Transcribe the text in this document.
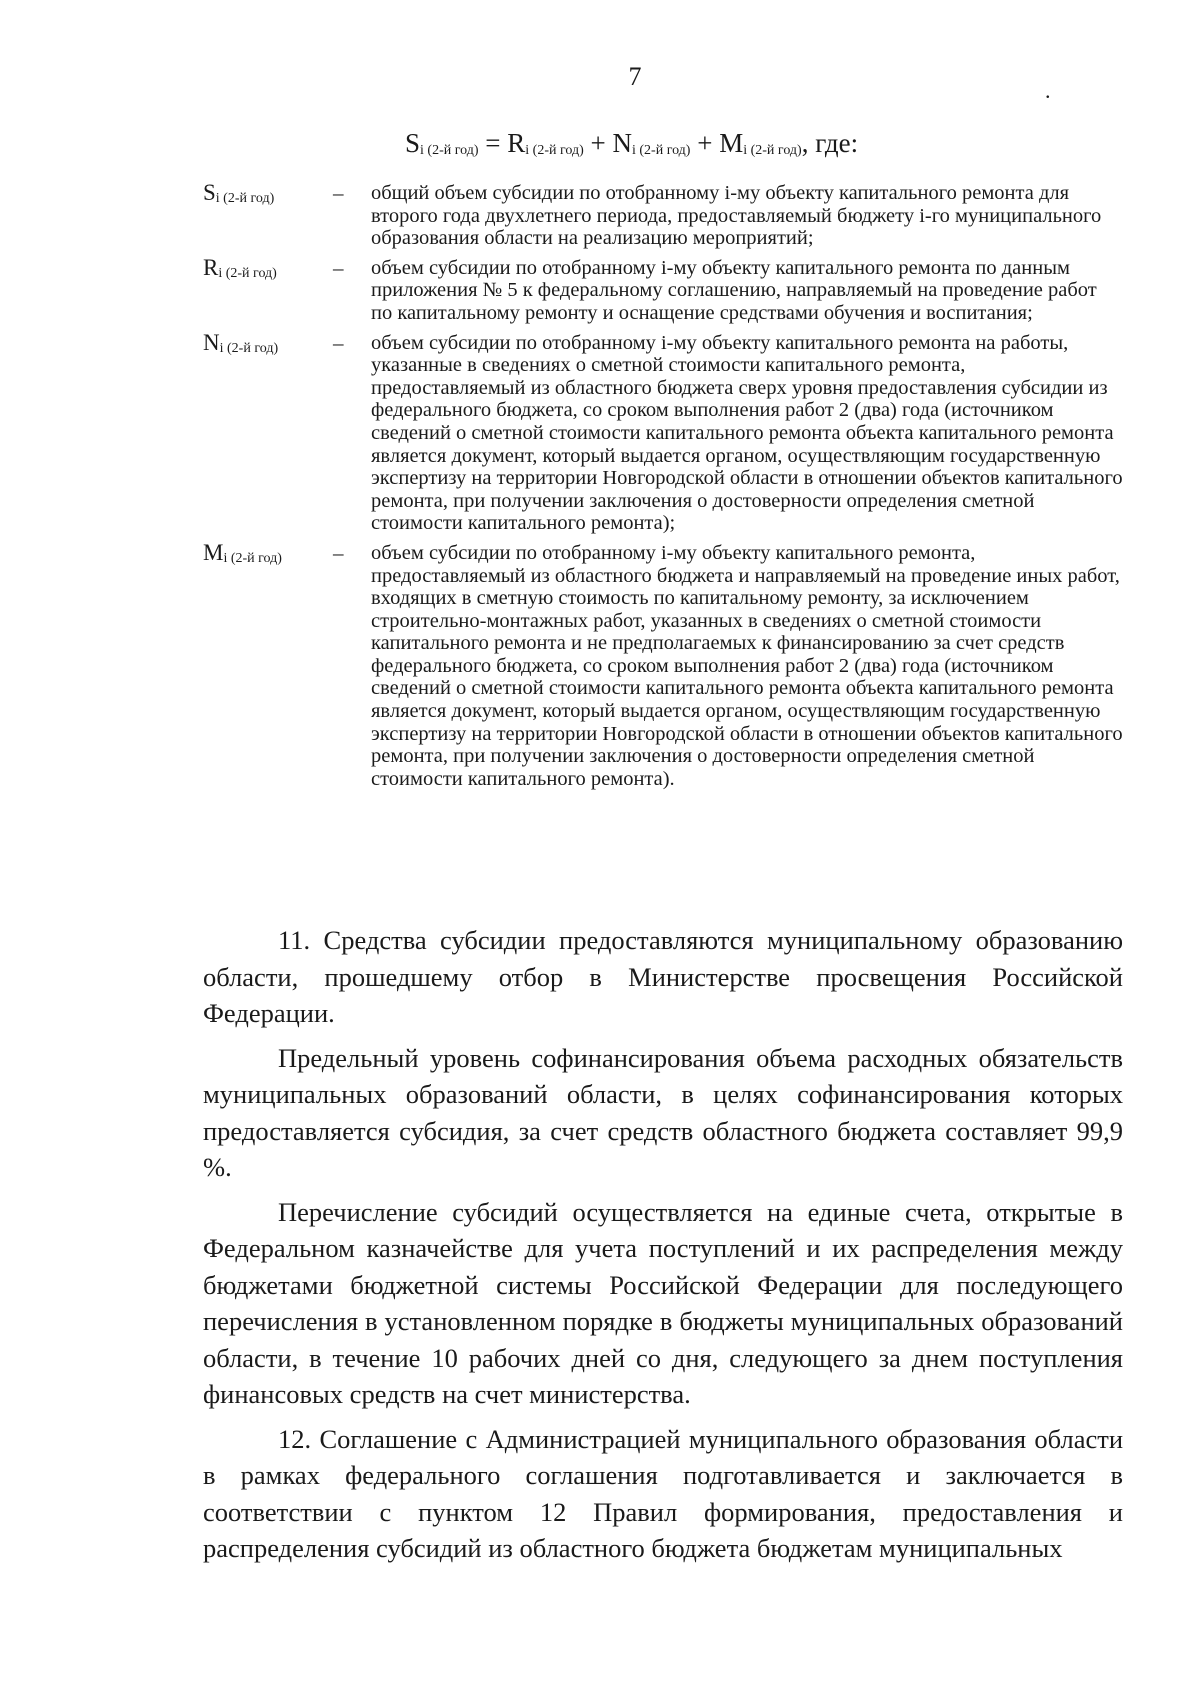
7	.
$S_{i (2-й год)} = R_{i (2-й год)} + N_{i (2-й год)} + M_{i (2-й год)}$, где:
$S_{i (2-й год)}$	–	общий объем субсидии по отобранному i-му объекту капитального ремонта для второго года двухлетнего периода, предоставляемый бюджету i-го муниципального образования области на реализацию мероприятий;
$R_{i (2-й год)}$	–	объем субсидии по отобранному i-му объекту капитального ремонта по данным приложения № 5 к федеральному соглашению, направляемый на проведение работ по капитальному ремонту и оснащение средствами обучения и воспитания;
$N_{i (2-й год)}$	–	объем субсидии по отобранному i-му объекту капитального ремонта на работы, указанные в сведениях о сметной стоимости капитального ремонта, предоставляемый из областного бюджета сверх уровня предоставления субсидии из федерального бюджета, со сроком выполнения работ 2 (два) года (источником сведений о сметной стоимости капитального ремонта объекта капитального ремонта является документ, который выдается органом, осуществляющим государственную экспертизу на территории Новгородской области в отношении объектов капитального ремонта, при получении заключения о достоверности определения сметной стоимости капитального ремонта);
$M_{i (2-й год)}$	–	объем субсидии по отобранному i-му объекту капитального ремонта, предоставляемый из областного бюджета и направляемый на проведение иных работ, входящих в сметную стоимость по капитальному ремонту, за исключением строительно-монтажных работ, указанных в сведениях о сметной стоимости капитального ремонта и не предполагаемых к финансированию за счет средств федерального бюджета, со сроком выполнения работ 2 (два) года (источником сведений о сметной стоимости капитального ремонта объекта капитального ремонта является документ, который выдается органом, осуществляющим государственную экспертизу на территории Новгородской области в отношении объектов капитального ремонта, при получении заключения о достоверности определения сметной стоимости капитального ремонта).

11. Средства субсидии предоставляются муниципальному образованию области, прошедшему отбор в Министерстве просвещения Российской Федерации.

Предельный уровень софинансирования объема расходных обязательств муниципальных образований области, в целях софинансирования которых предоставляется субсидия, за счет средств областного бюджета составляет 99,9 %.

Перечисление субсидий осуществляется на единые счета, открытые в Федеральном казначействе для учета поступлений и их распределения между бюджетами бюджетной системы Российской Федерации для последующего перечисления в установленном порядке в бюджеты муниципальных образований области, в течение 10 рабочих дней со дня, следующего за днем поступления финансовых средств на счет министерства.

12. Соглашение с Администрацией муниципального образования области в рамках федерального соглашения подготавливается и заключается в соответствии с пунктом 12 Правил формирования, предоставления и распределения субсидий из областного бюджета бюджетам муниципальных
